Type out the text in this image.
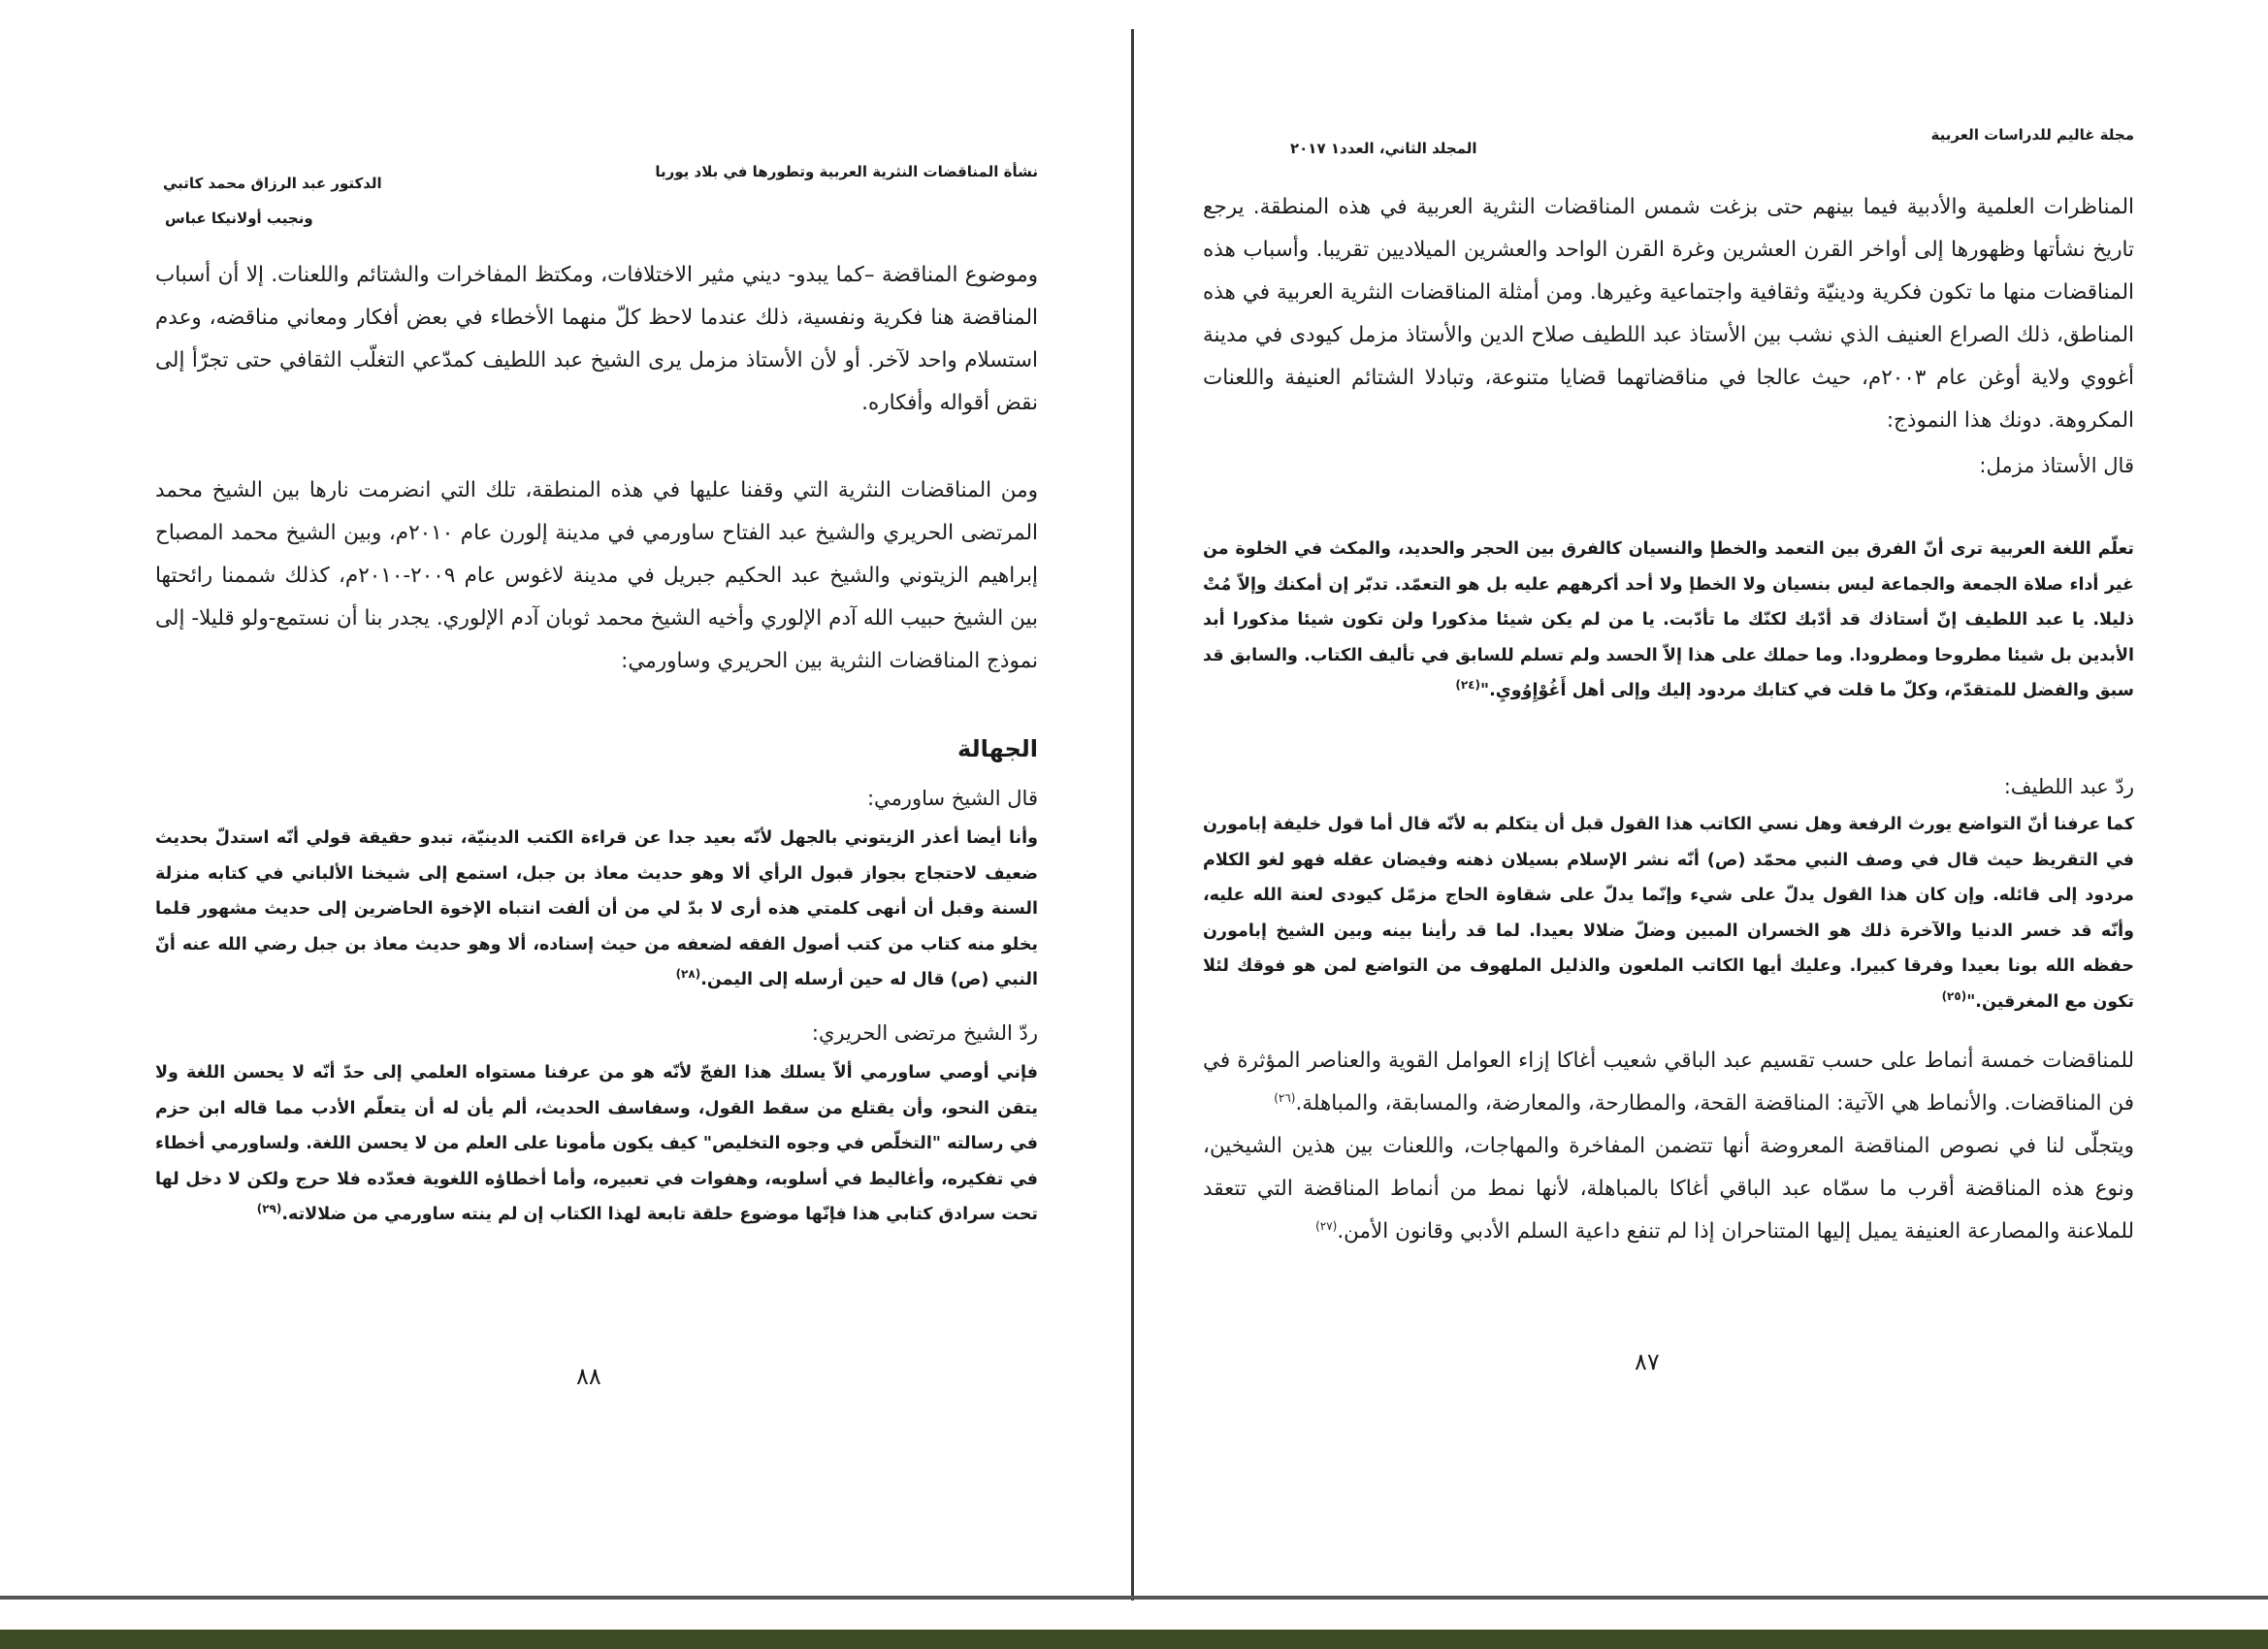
نشأة المناقضات النثرية العربية وتطورها في بلاد يوربا
الدكتور عبد الرزاق محمد كاتبي
ونجيب أولانيكا عباس
وموضوع المناقضة –كما يبدو- ديني مثير الاختلافات، ومكتظ المفاخرات والشتائم واللعنات. إلا أن أسباب المناقضة هنا فكرية ونفسية، ذلك عندما لاحظ كلّ منهما الأخطاء في بعض أفكار ومعاني مناقضه، وعدم استسلام واحد لآخر. أو لأن الأستاذ مزمل يرى الشيخ عبد اللطيف كمدّعي التغلّب الثقافي حتى تجرّأ إلى نقض أقواله وأفكاره.
ومن المناقضات النثرية التي وقفنا عليها في هذه المنطقة، تلك التي انضرمت نارها بين الشيخ محمد المرتضى الحريري والشيخ عبد الفتاح ساورمي في مدينة إلورن عام ٢٠١٠م، وبين الشيخ محمد المصباح إبراهيم الزيتوني والشيخ عبد الحكيم جبريل في مدينة لاغوس عام ٢٠٠٩-٢٠١٠م، كذلك شممنا رائحتها بين الشيخ حبيب الله آدم الإلوري وأخيه الشيخ محمد ثوبان آدم الإلوري. يجدر بنا أن نستمع-ولو قليلا- إلى نموذج المناقضات النثرية بين الحريري وساورمي:
الجهالة
قال الشيخ ساورمي:
وأنا أيضا أعذر الزيتوني بالجهل لأنّه بعيد جدا عن قراءة الكتب الدينيّة، تبدو حقيقة قولي أنّه استدلّ بحديث ضعيف لاحتجاج بجواز قبول الرأي ألا وهو حديث معاذ بن جبل، استمع إلى شيخنا الألباني في كتابه منزلة السنة وقبل أن أنهى كلمتي هذه أرى لا بدّ لي من أن ألفت انتباه الإخوة الحاضرين إلى حديث مشهور قلما يخلو منه كتاب من كتب أصول الفقه لضعفه من حيث إسناده، ألا وهو حديث معاذ بن جبل رضي الله عنه أنّ النبي (ص) قال له حين أرسله إلى اليمن.$^{(٢٨)}$
ردّ الشيخ مرتضى الحريري:
فإني أوصي ساورمي ألاّ يسلك هذا الفجّ لأنّه هو من عرفنا مستواه العلمي إلى حدّ أنّه لا يحسن اللغة ولا يتقن النحو، وأن يقتلع من سقط القول، وسفاسف الحديث، ألم يأن له أن يتعلّم الأدب مما قاله ابن حزم في رسالته "التخلّص في وجوه التخليص" كيف يكون مأمونا على العلم من لا يحسن اللغة. ولساورمي أخطاء في تفكيره، وأغاليط في أسلوبه، وهفوات في تعبيره، وأما أخطاؤه اللغوية فعدّده فلا حرج ولكن لا دخل لها تحت سرادق كتابي هذا فإنّها موضوع حلقة تابعة لهذا الكتاب إن لم ينته ساورمي من ضلالاته.$^{(٢٩)}$
٨٨
مجلة غاليم للدراسات العربية
المجلد الثاني، العدد١ ٢٠١٧
المناظرات العلمية والأدبية فيما بينهم حتى بزغت شمس المناقضات النثرية العربية في هذه المنطقة. يرجع تاريخ نشأتها وظهورها إلى أواخر القرن العشرين وغرة القرن الواحد والعشرين الميلاديين تقريبا. وأسباب هذه المناقضات منها ما تكون فكرية ودينيّة وثقافية واجتماعية وغيرها. ومن أمثلة المناقضات النثرية العربية في هذه المناطق، ذلك الصراع العنيف الذي نشب بين الأستاذ عبد اللطيف صلاح الدين والأستاذ مزمل كيودى في مدينة أغووي ولاية أوغن عام ٢٠٠٣م، حيث عالجا في مناقضاتهما قضايا متنوعة، وتبادلا الشتائم العنيفة واللعنات المكروهة. دونك هذا النموذج:
قال الأستاذ مزمل:
تعلّم اللغة العربية ترى أنّ الفرق بين التعمد والخطإ والنسيان كالفرق بين الحجر والحديد، والمكث في الخلوة من غير أداء صلاة الجمعة والجماعة ليس بنسيان ولا الخطإ ولا أحد أكرههم عليه بل هو التعمّد. تدبّر إن أمكنك وإلاّ مُتْ ذليلا. يا عبد اللطيف إنّ أستاذك قد أدّبك لكنّك ما تأدّبت. يا من لم يكن شيئا مذكورا ولن تكون شيئا مذكورا أبد الأبدين بل شيئا مطروحا ومطرودا. وما حملك على هذا إلاّ الحسد ولم تسلم للسابق في تأليف الكتاب. والسابق قد سبق والفضل للمتقدّم، وكلّ ما قلت في كتابك مردود إليك وإلى أهل أَغُوْإِوُويِ."$^{(٢٤)}$
ردّ عبد اللطيف:
كما عرفنا أنّ التواضع يورث الرفعة وهل نسي الكاتب هذا القول قبل أن يتكلم به لأنّه قال أما قول خليفة إبامورن في التقريظ حيث قال في وصف النبي محمّد (ص) أنّه نشر الإسلام بسيلان ذهنه وفيضان عقله فهو لغو الكلام مردود إلى قائله. وإن كان هذا القول يدلّ على شيء وإنّما يدلّ على شقاوة الحاج مزمّل كيودى لعنة الله عليه، وأنّه قد خسر الدنيا والآخرة ذلك هو الخسران المبين وضلّ ضلالا بعيدا. لما قد رأينا بينه وبين الشيخ إبامورن حفظه الله بونا بعيدا وفرقا كبيرا. وعليك أيها الكاتب الملعون والذليل الملهوف من التواضع لمن هو فوقك لئلا تكون مع المغرقين."$^{(٢٥)}$
للمناقضات خمسة أنماط على حسب تقسيم عبد الباقي شعيب أغاكا إزاء العوامل القوية والعناصر المؤثرة في فن المناقضات. والأنماط هي الآتية: المناقضة القحة، والمطارحة، والمعارضة، والمسابقة، والمباهلة.$^{(٢٦)}$
ويتجلّى لنا في نصوص المناقضة المعروضة أنها تتضمن المفاخرة والمهاجات، واللعنات بين هذين الشيخين، ونوع هذه المناقضة أقرب ما سمّاه عبد الباقي أغاكا بالمباهلة، لأنها نمط من أنماط المناقضة التي تتعقد للملاعنة والمصارعة العنيفة يميل إليها المتناحران إذا لم تنفع داعية السلم الأدبي وقانون الأمن.$^{(٢٧)}$
٨٧
